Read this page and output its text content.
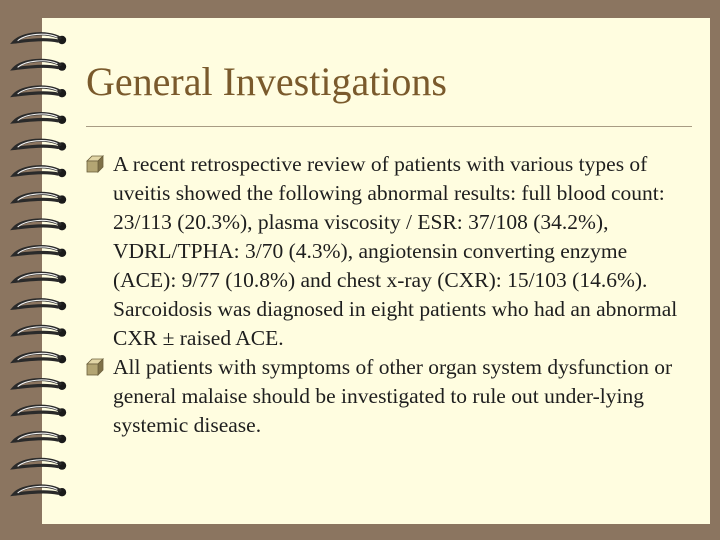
General Investigations
A recent retrospective review of patients with various types of uveitis showed the following abnormal results: full blood count: 23/113 (20.3%), plasma viscosity / ESR: 37/108 (34.2%), VDRL/TPHA: 3/70 (4.3%), angiotensin converting enzyme (ACE): 9/77 (10.8%) and chest x-ray (CXR): 15/103 (14.6%). Sarcoidosis was diagnosed in eight patients who had an abnormal CXR ± raised ACE.
All patients with symptoms of other organ system dysfunction or general malaise should be investigated to rule out under-lying systemic disease.
